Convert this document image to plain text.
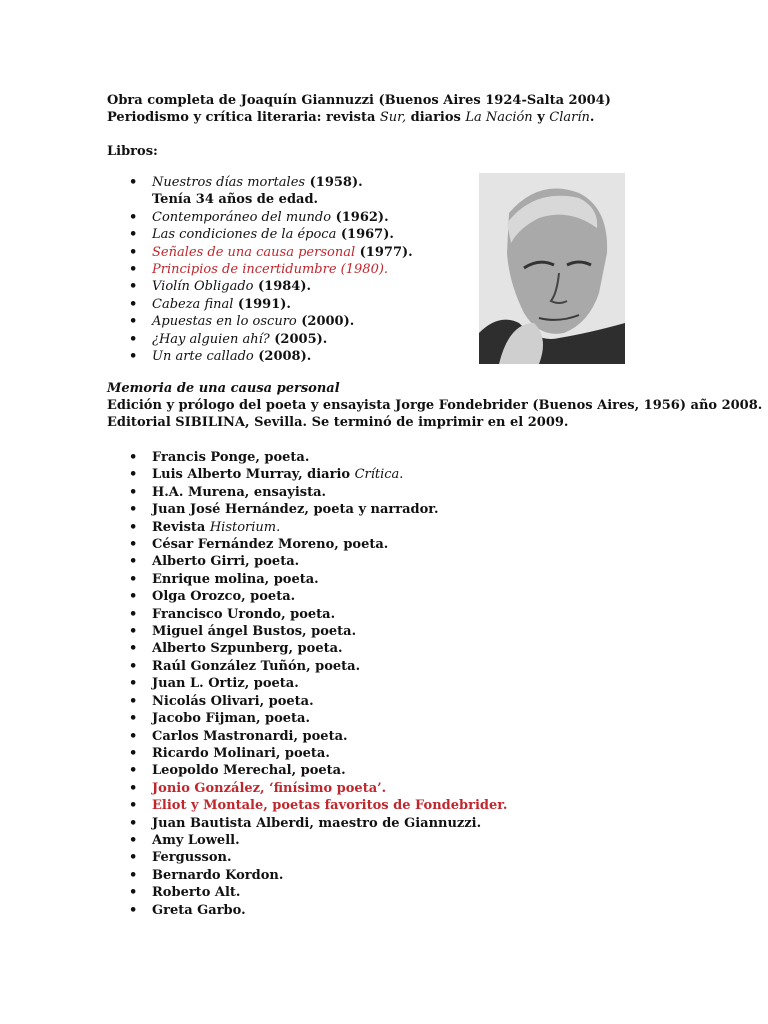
Obra completa de Joaquín Giannuzzi (Buenos Aires 1924-Salta 2004)
Periodismo y crítica literaria: revista Sur, diarios La Nación y Clarín.
Libros:
• Nuestros días mortales (1958).
Tenía 34 años de edad.
• Contemporáneo del mundo (1962).
• Las condiciones de la época (1967).
• Señales de una causa personal (1977).
• Principios de incertidumbre (1980).
• Violín Obligado (1984).
• Cabeza final (1991).
• Apuestas en lo oscuro (2000).
• ¿Hay alguien ahí? (2005).
• Un arte callado (2008).
Memoria de una causa personal
Edición y prólogo del poeta y ensayista Jorge Fondebrider (Buenos Aires, 1956) año 2008.
Editorial SIBILINA, Sevilla. Se terminó de imprimir en el 2009.
• Francis Ponge, poeta.
• Luis Alberto Murray, diario Crítica.
• H.A. Murena, ensayista.
• Juan José Hernández, poeta y narrador.
• Revista Historium.
• César Fernández Moreno, poeta.
• Alberto Girri, poeta.
• Enrique molina, poeta.
• Olga Orozco, poeta.
• Francisco Urondo, poeta.
• Miguel ángel Bustos, poeta.
• Alberto Szpunberg, poeta.
• Raúl González Tuñón, poeta.
• Juan L. Ortiz, poeta.
• Nicolás Olivari, poeta.
• Jacobo Fijman, poeta.
• Carlos Mastronardi, poeta.
• Ricardo Molinari, poeta.
• Leopoldo Merechal, poeta.
• Jonio González, ‘finísimo poeta’.
• Eliot y Montale, poetas favoritos de Fondebrider.
• Juan Bautista Alberdi, maestro de Giannuzzi.
• Amy Lowell.
• Fergusson.
• Bernardo Kordon.
• Roberto Alt.
• Greta Garbo.
